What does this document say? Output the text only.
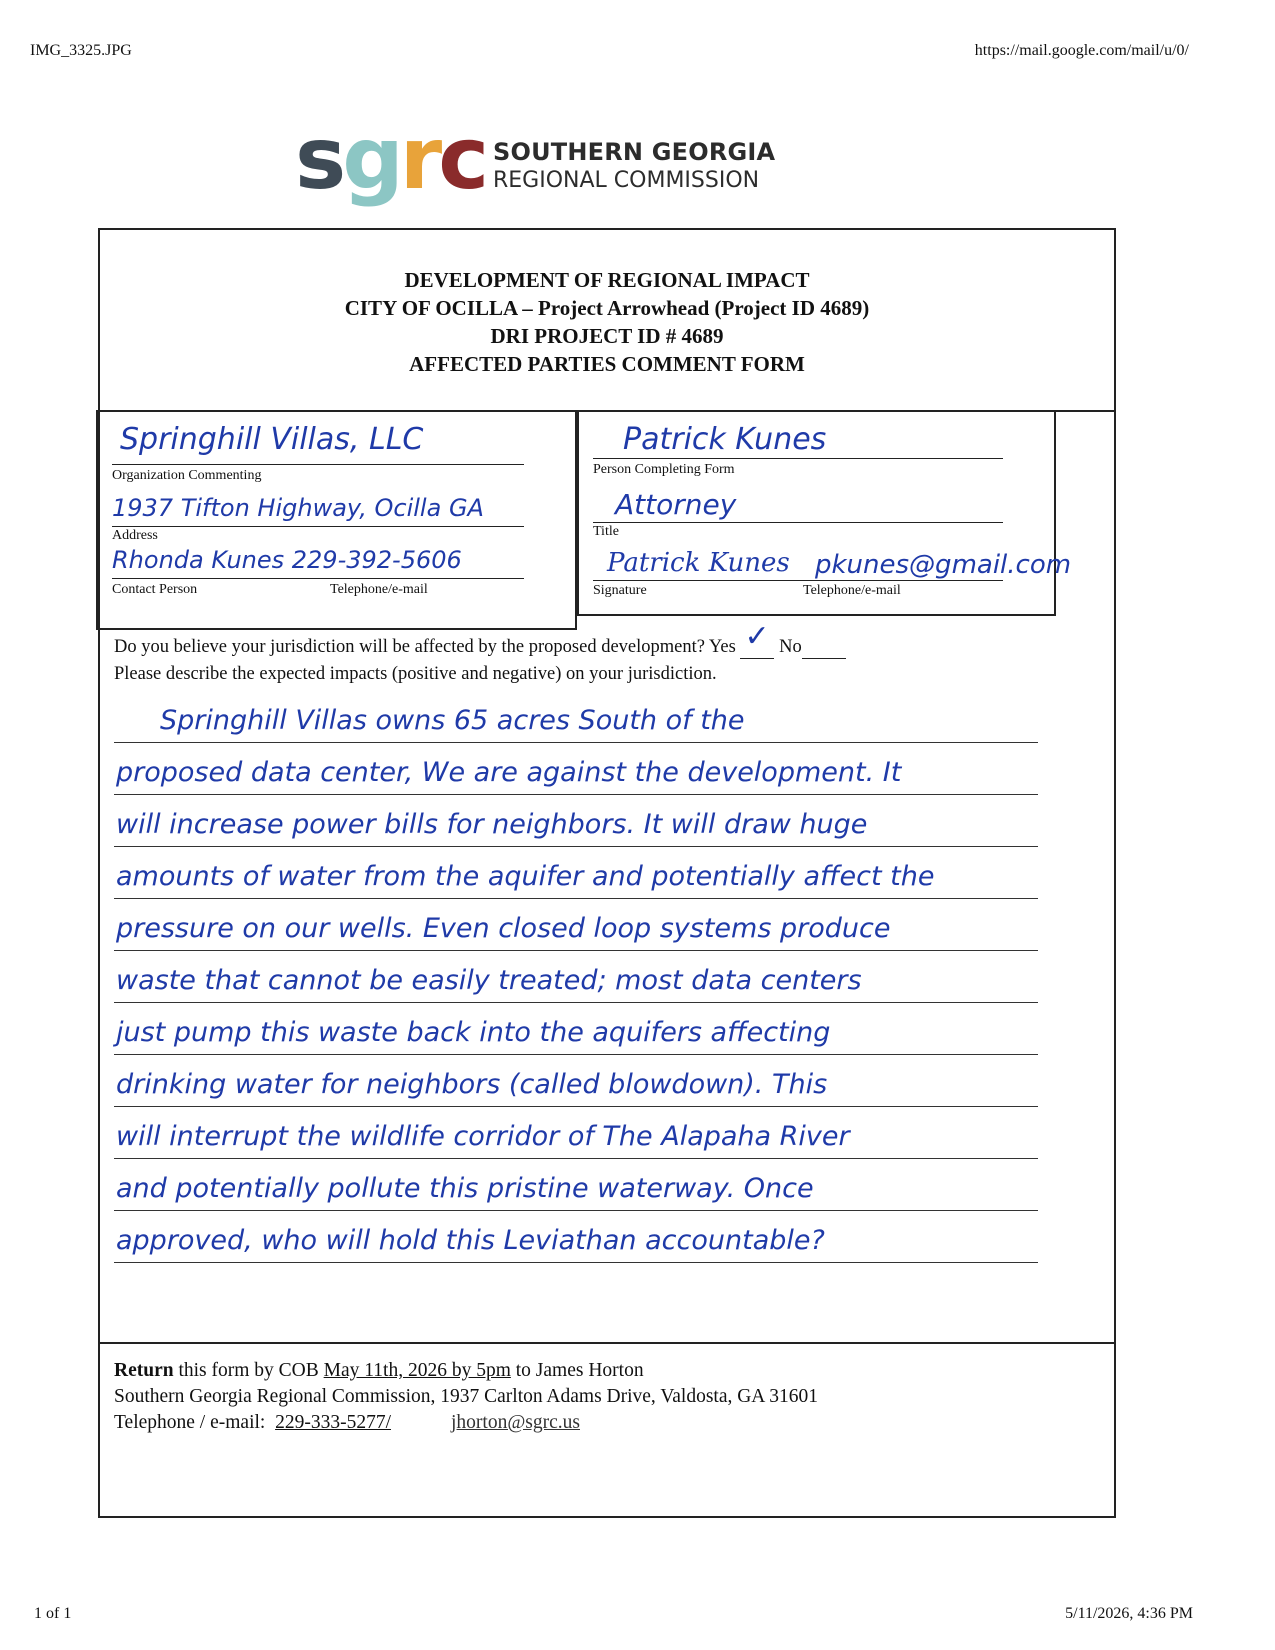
IMG_3325.JPG	https://mail.google.com/mail/u/0/
1 of 1	5/11/2026, 4:36 PM
sgrc SOUTHERN GEORGIA
REGIONAL COMMISSION
DEVELOPMENT OF REGIONAL IMPACT
CITY OF OCILLA – Project Arrowhead (Project ID 4689)
DRI PROJECT ID # 4689
AFFECTED PARTIES COMMENT FORM
Springhill Villas, LLC
Organization Commenting
1937 Tifton Highway, Ocilla GA
Address
Rhonda Kunes 229-392-5606
Contact Person	Telephone/e-mail
Patrick Kunes
Person Completing Form
Attorney
Title
Patrick Kunes pkunes@gmail.com
Signature	Telephone/e-mail
Do you believe your jurisdiction will be affected by the proposed development? Yes ✓ No
Please describe the expected impacts (positive and negative) on your jurisdiction.
Springhill Villas owns 65 acres South of the
proposed data center, We are against the development. It
will increase power bills for neighbors. It will draw huge
amounts of water from the aquifer and potentially affect the
pressure on our wells. Even closed loop systems produce
waste that cannot be easily treated; most data centers
just pump this waste back into the aquifers affecting
drinking water for neighbors (called blowdown). This
will interrupt the wildlife corridor of The Alapaha River
and potentially pollute this pristine waterway. Once
approved, who will hold this Leviathan accountable?
Return this form by COB May 11th, 2026 by 5pm to James Horton
Southern Georgia Regional Commission, 1937 Carlton Adams Drive, Valdosta, GA 31601
Telephone / e-mail: 229-333-5277/	jhorton@sgrc.us
